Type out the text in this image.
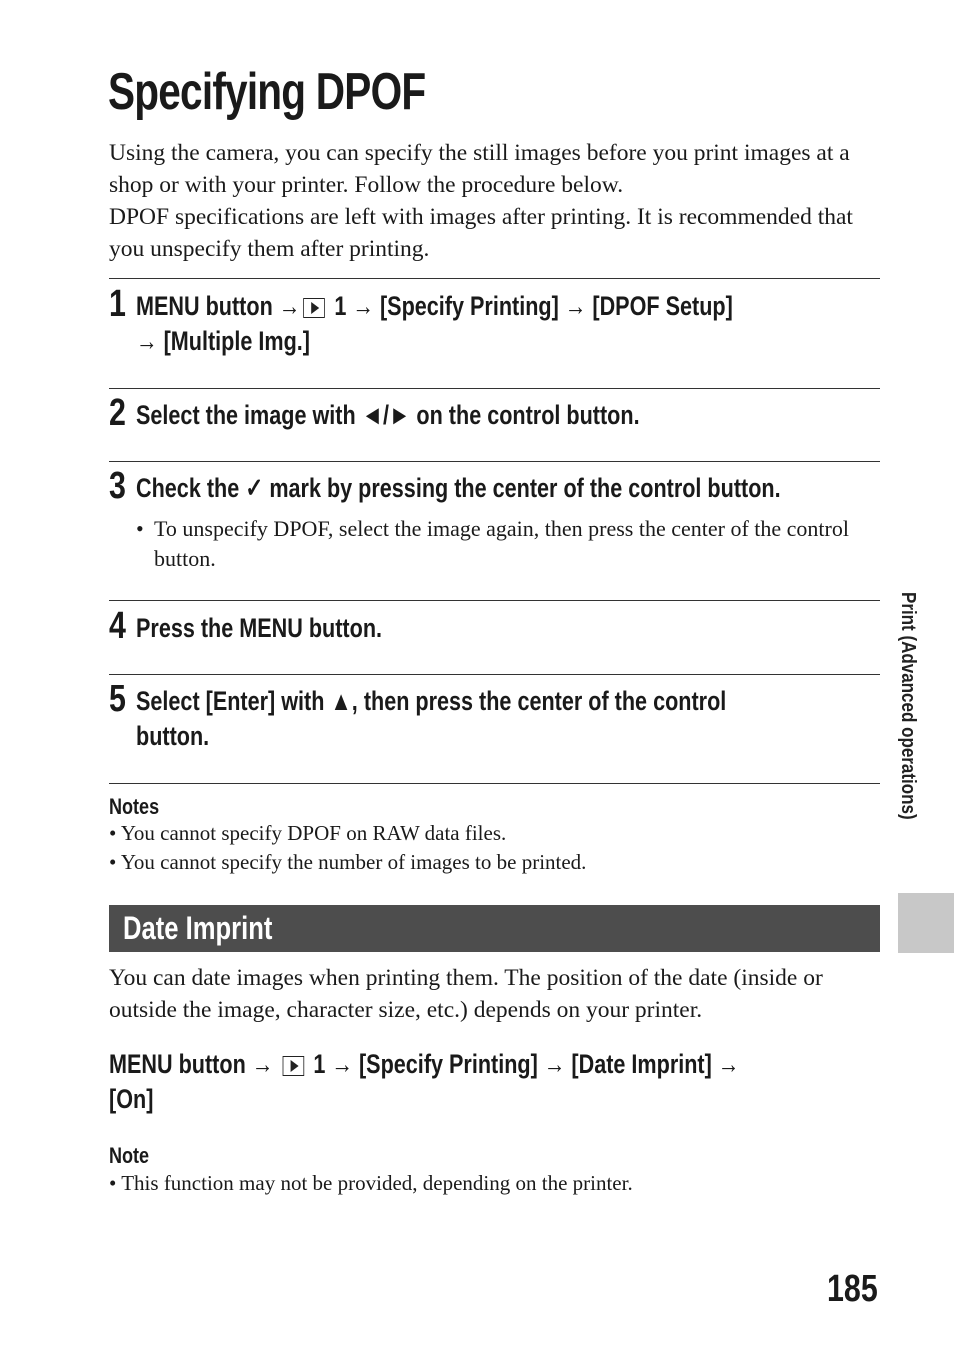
Specifying DPOF

Using the camera, you can specify the still images before you print images at a shop or with your printer. Follow the procedure below.
DPOF specifications are left with images after printing. It is recommended that you unspecify them after printing.

1 MENU button → 1 → [Specify Printing] → [DPOF Setup]
→ [Multiple Img.]
2 Select the image with ◄/► on the control button.
3 Check the ✓ mark by pressing the center of the control button.
• To unspecify DPOF, select the image again, then press the center of the control button.
4 Press the MENU button.
5 Select [Enter] with ▲, then press the center of the control
button.
Notes
• You cannot specify DPOF on RAW data files.
• You cannot specify the number of images to be printed.
Date Imprint

You can date images when printing them. The position of the date (inside or outside the image, character size, etc.) depends on your printer.

MENU button →  1 → [Specify Printing] → [Date Imprint] →
[On]
Note
• This function may not be provided, depending on the printer.
Print (Advanced operations)
185
